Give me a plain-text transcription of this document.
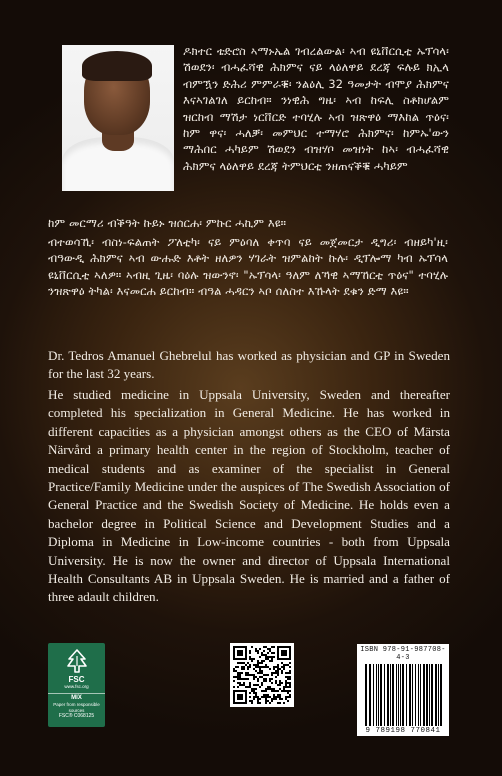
ዶክተር ቴድሮስ ኣማኑኤል ገብረልውል፡ ኣብ ዩኒቨርሲቲ ኡፕሳላ፡ ሽወደን፡ ብሓፈሻዊ ሕክምና ናይ ላዕለዋይ ደረጃ ፍሉይ ክኢላ ብምዃን ድሕሪ ምምራቑ፡ ንልዕሊ 32 ዓመታት ብሞያ ሕክምና እናኣገልገለ ይርከብ። ንነዊሕ ግዜ፡ ኣብ ከፍሊ ስቶክሆልም ዝርከብ ማሽታ ነርቨርድ ተባሂሉ ኣብ ዝጽዋዕ ማእከል ጥዕና፡ ከም ዋና፡ ሓለቓ፡ መምህር ተማሃሮ ሕክምና፡ ከምኡ'ውን ማሕበር ሓካይም ሽወደን ብዝሃቦ መዝነት ከኣ፡ ብሓፈሻዊ ሕክምና ላዕለዋይ ደረጃ ትምህርቲ ንዘጠናቕቑ ሓካይም

ከም መርማሪ ብቕዓት ኩይኑ ዝሰርሐ፡ ምኩር ሓኪም እዩ።

ብተወሳኺ፡ ብስነ-ፍልጠት ፖለቲካ፡ ናይ ምዕባለ ቀጥባ ናይ መጀመርታ ዲግሪ፡ ብዘይካ'ዚ፡ ብዓውዲ ሕክምና ኣብ ውሑድ እቶት ዘለዎን ሃገራት ዝምልከት ኩሉ፡ ዲፕሎማ ካብ ኡፕሳላ ዩኒቨርሲቲ ኣለዎ። ኣብዚ ጊዜ፡ ባዕሉ ዝውንኖ፡ "ኡፕሳላ፡ ዓለም ለኻዊ ኣማኸርቲ ጥዕና" ተባሂሉ ንዝጽዋዕ ትካል፡ እናመርሐ ይርከብ። ብዓል ሓዳርን ኣቦ ሰለስተ እኹላት ደቁን ድማ እዩ።

Dr. Tedros Amanuel Ghebrelul has worked as physician and GP in Sweden for the last 32 years.

He studied medicine in Uppsala University, Sweden and thereafter completed his specialization in General Medicine. He has worked in different capacities as a physician amongst others as the CEO of Märsta Närvård a primary health center in the region of Stockholm, teacher of medical students and as examiner of the specialist in General Practice/Family Medicine under the auspices of The Swedish Association of General Practice and the Swedish Society of Medicine. He holds even a bachelor degree in Political Science and Development Studies and a Diploma in Medicine in Low-income countries - both from Uppsala University. He is now the owner and director of Uppsala International Health Consultants AB in Uppsala Sweden. He is married and a father of three adault children.

FSC
www.fsc.org
MIX
Paper from responsible sources
FSC® C068125
ISBN 978-91-987708-4-3
9 789198 770841
